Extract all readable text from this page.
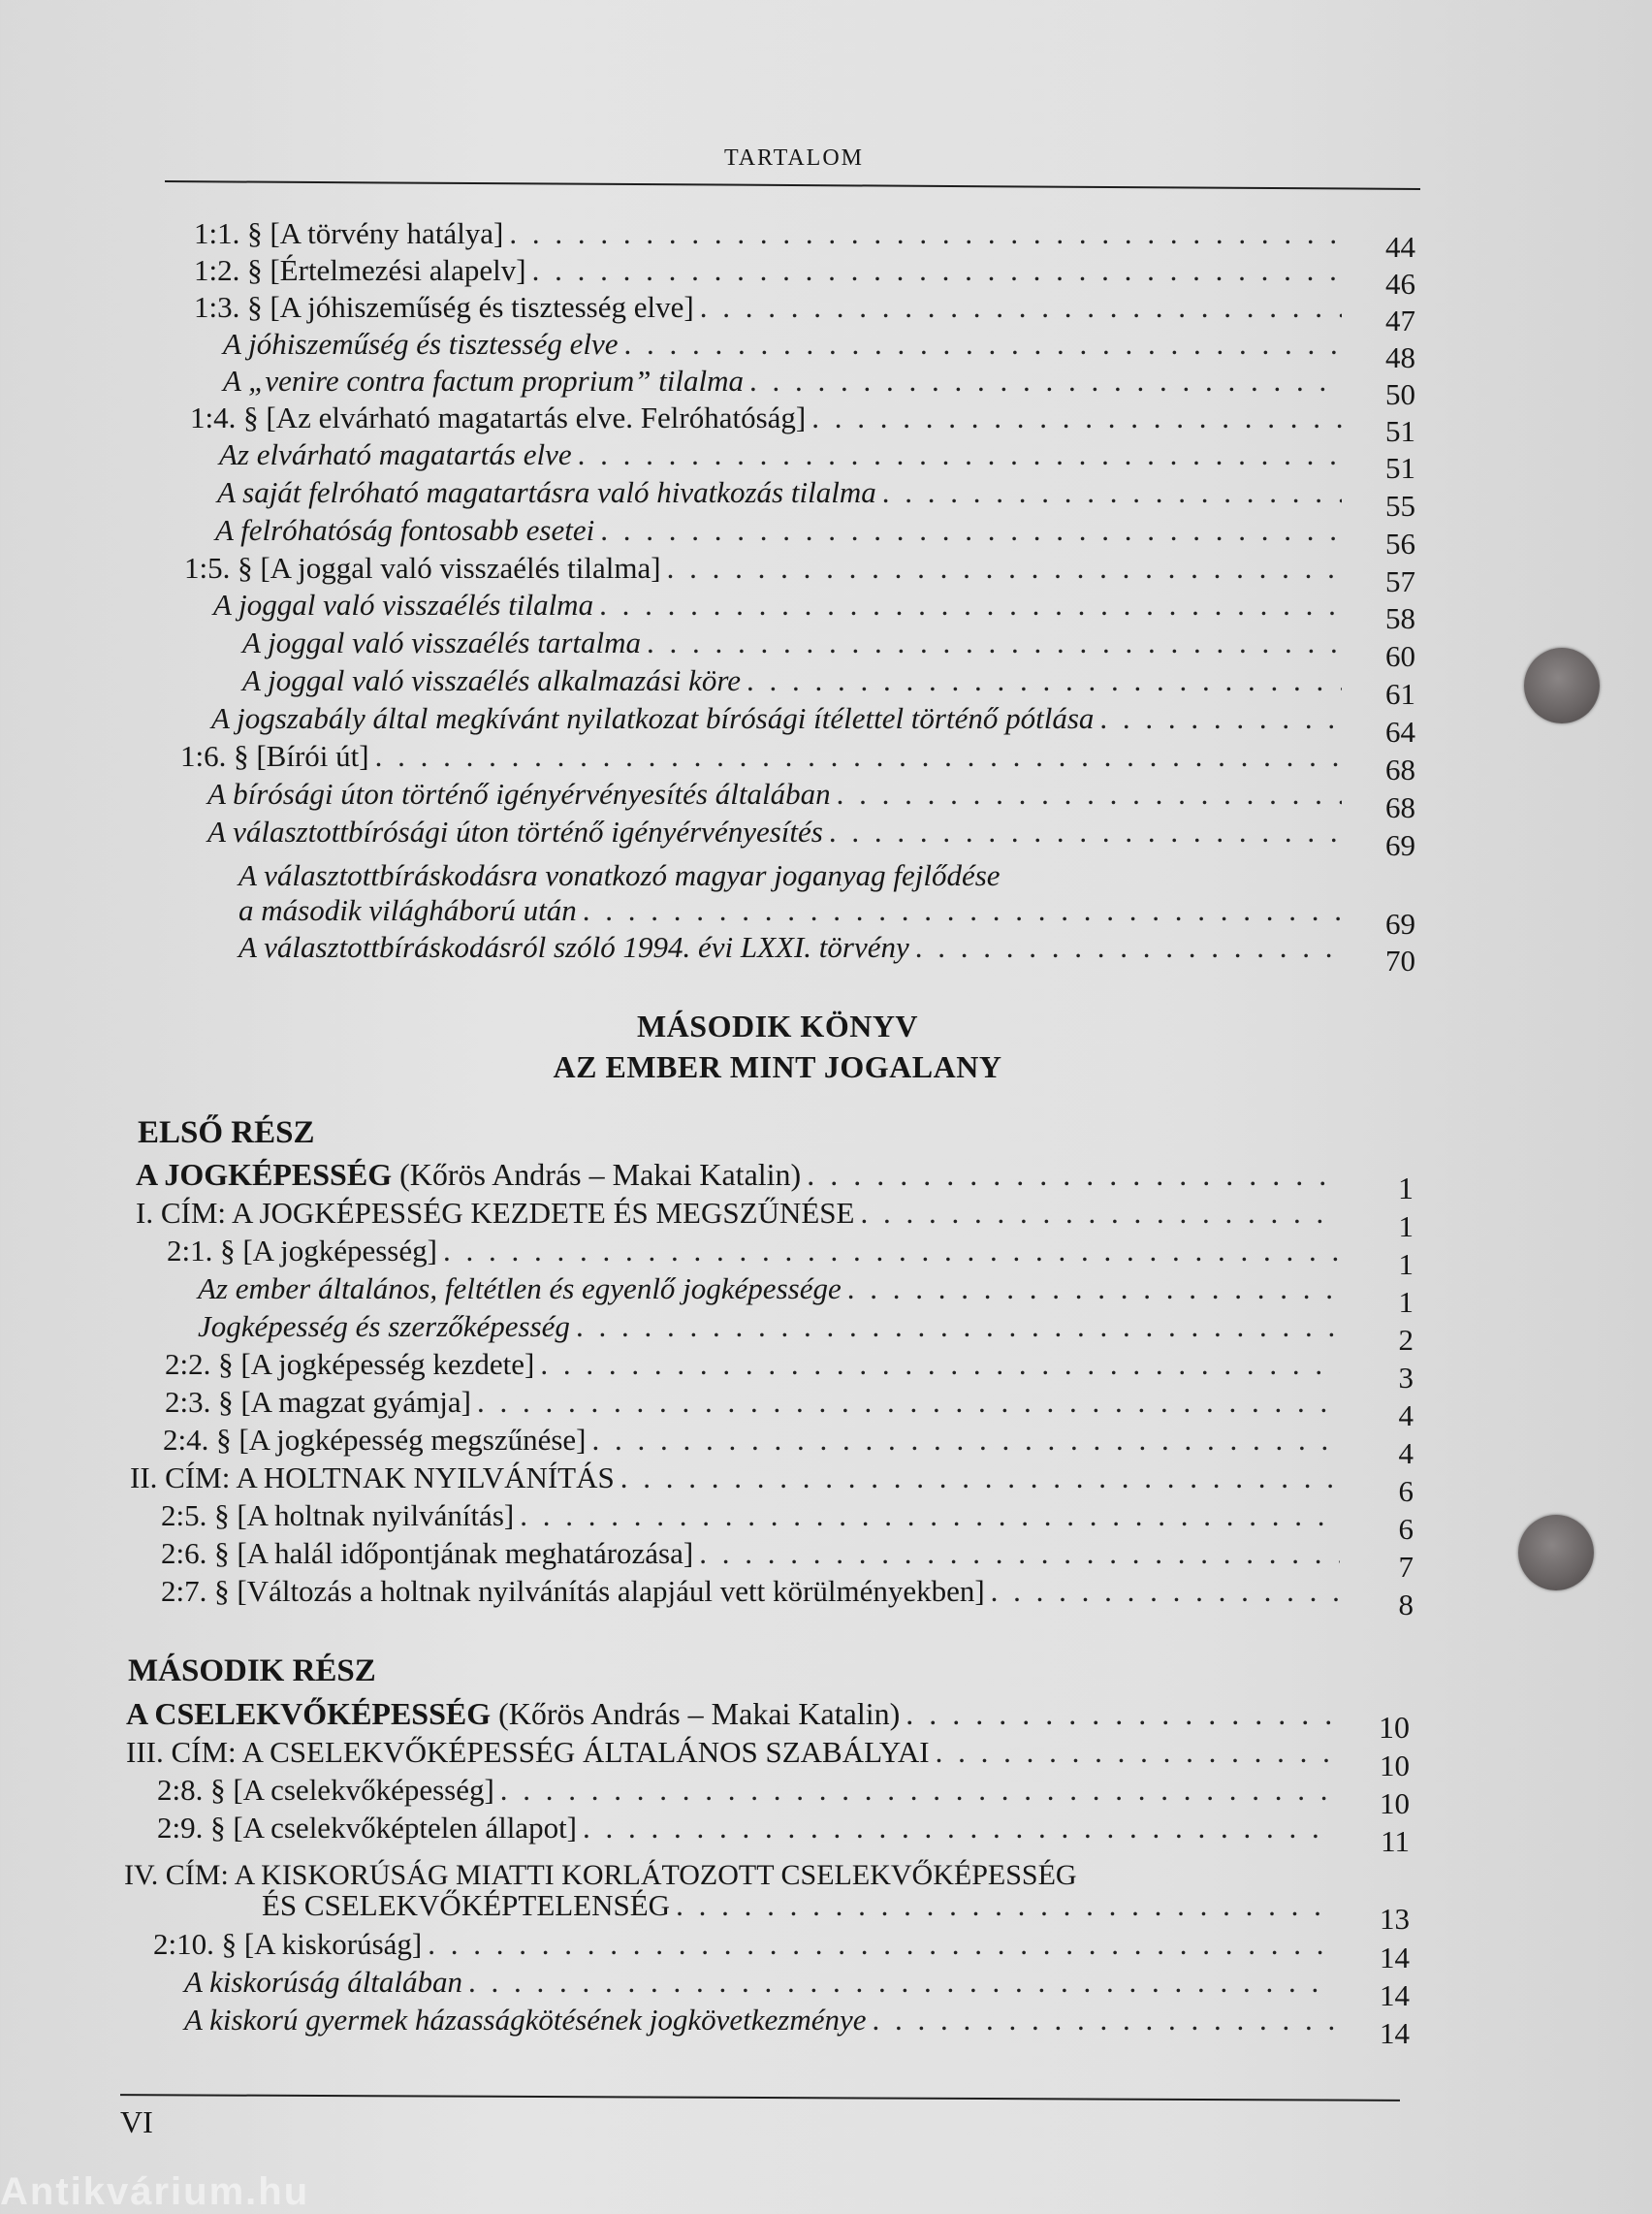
TARTALOM
1:1. § [A törvény hatálya] . . .	44
1:2. § [Értelmezési alapelv] . . .	46
1:3. § [A jóhiszeműség és tisztesség elve] . . .	47
A jóhiszeműség és tisztesség elve . . .	48
A „venire contra factum proprium” tilalma . . .	50
1:4. § [Az elvárható magatartás elve. Felróhatóság] . . .	51
Az elvárható magatartás elve . . .	51
A saját felróható magatartásra való hivatkozás tilalma . . .	55
A felróhatóság fontosabb esetei . . .	56
1:5. § [A joggal való visszaélés tilalma] . . .	57
A joggal való visszaélés tilalma . . .	58
A joggal való visszaélés tartalma . . .	60
A joggal való visszaélés alkalmazási köre . . .	61
A jogszabály által megkívánt nyilatkozat bírósági ítélettel történő pótlása . . .	64
1:6. § [Bírói út] . . .	68
A bírósági úton történő igényérvényesítés általában . . .	68
A választottbírósági úton történő igényérvényesítés . . .	69
A választottbíráskodásra vonatkozó magyar joganyag fejlődése
a második világháború után . . .	69
A választottbíráskodásról szóló 1994. évi LXXI. törvény . . .	70
MÁSODIK KÖNYV
AZ EMBER MINT JOGALANY
ELSŐ RÉSZ
A JOGKÉPESSÉG (Kőrös András – Makai Katalin) . . .	1
I. CÍM: A JOGKÉPESSÉG KEZDETE ÉS MEGSZŰNÉSE . . .	1
2:1. § [A jogképesség] . . .	1
Az ember általános, feltétlen és egyenlő jogképessége . . .	1
Jogképesség és szerzőképesség . . .	2
2:2. § [A jogképesség kezdete] . . .	3
2:3. § [A magzat gyámja] . . .	4
2:4. § [A jogképesség megszűnése] . . .	4
II. CÍM: A HOLTNAK NYILVÁNÍTÁS . . .	6
2:5. § [A holtnak nyilvánítás] . . .	6
2:6. § [A halál időpontjának meghatározása] . . .	7
2:7. § [Változás a holtnak nyilvánítás alapjául vett körülményekben] . . .	8
MÁSODIK RÉSZ
A CSELEKVŐKÉPESSÉG (Kőrös András – Makai Katalin) . . .	10
III. CÍM: A CSELEKVŐKÉPESSÉG ÁLTALÁNOS SZABÁLYAI . . .	10
2:8. § [A cselekvőképesség] . . .	10
2:9. § [A cselekvőképtelen állapot] . . .	11
IV. CÍM: A KISKORÚSÁG MIATTI KORLÁTOZOTT CSELEKVŐKÉPESSÉG
ÉS CSELEKVŐKÉPTELENSÉG . . .	13
2:10. § [A kiskorúság] . . .	14
A kiskorúság általában . . .	14
A kiskorú gyermek házasságkötésének jogkövetkezménye . . .	14
VI
Antikvárium.hu
